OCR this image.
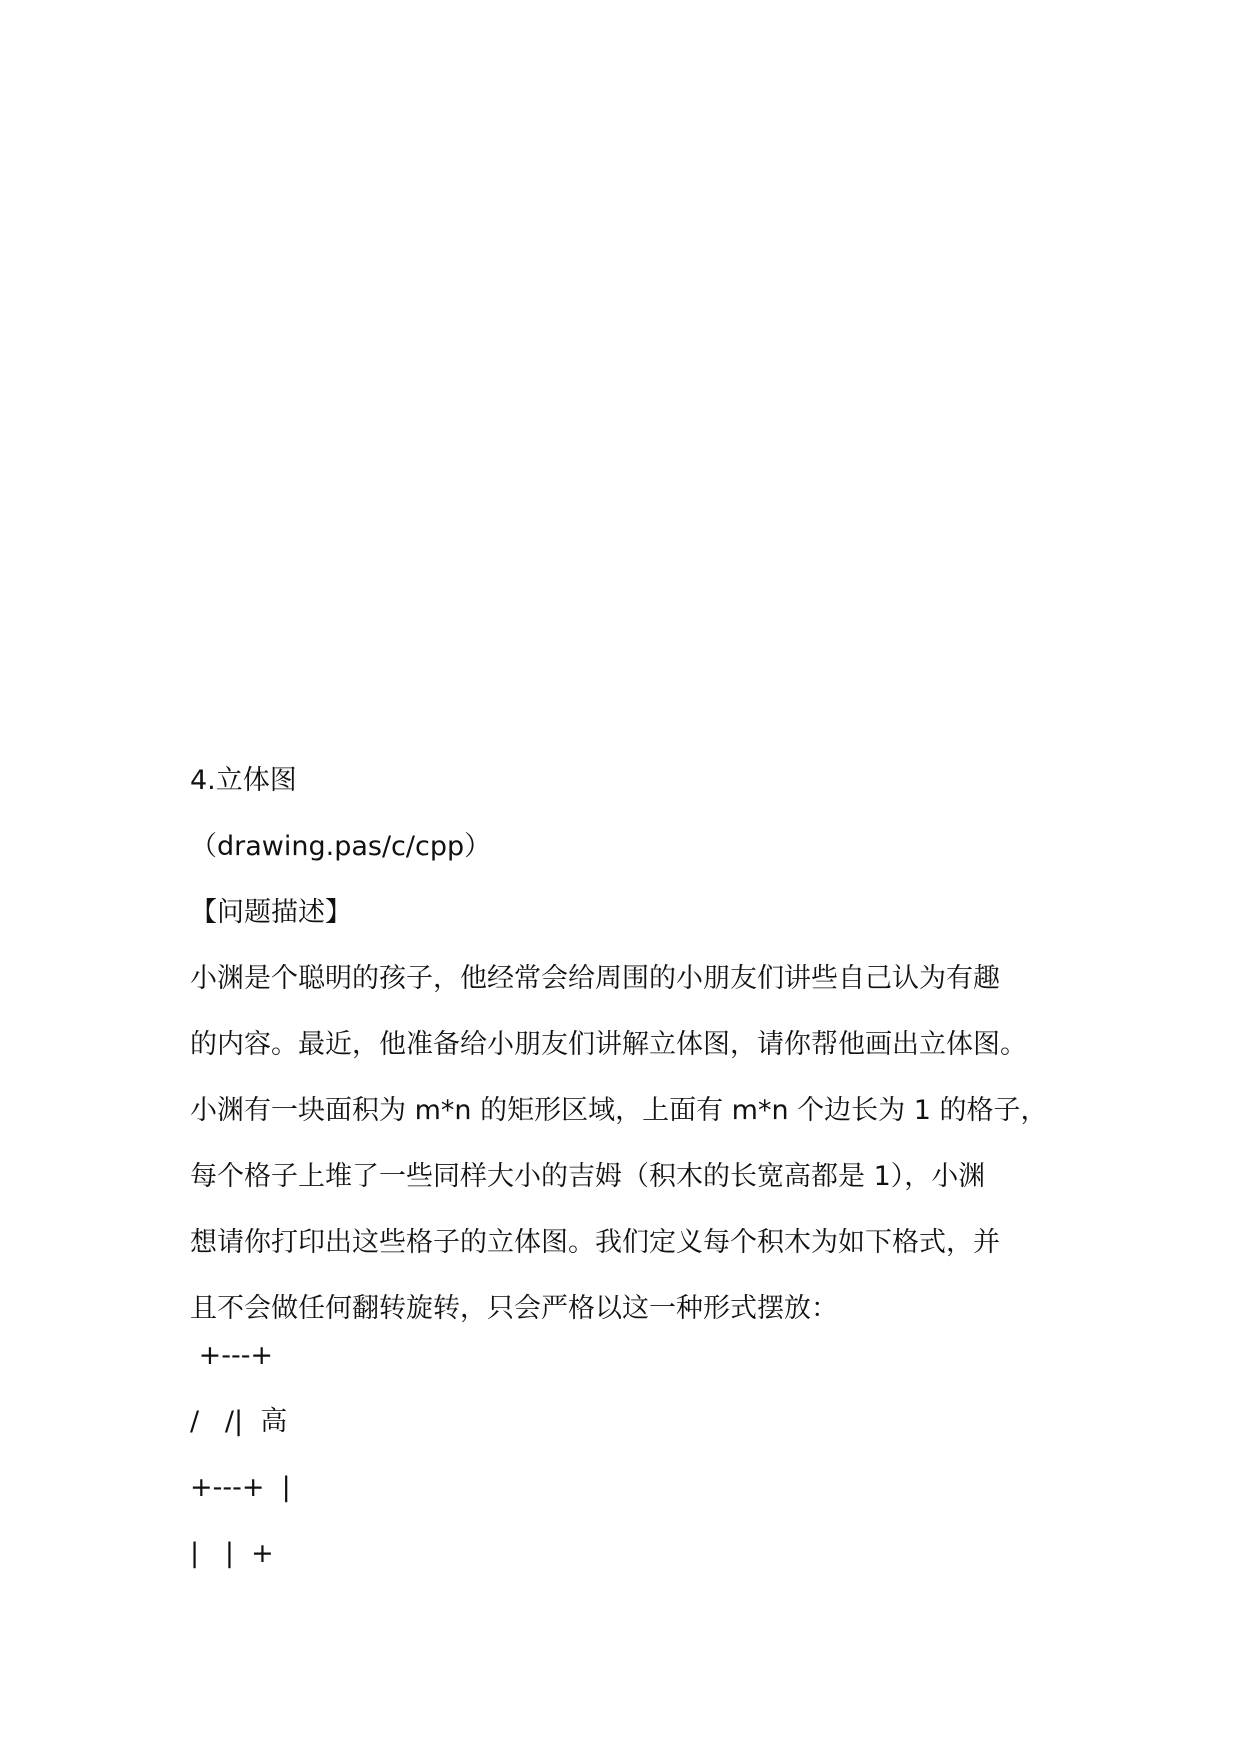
4.立体图
（drawing.pas/c/cpp）
【问题描述】
小渊是个聪明的孩子，他经常会给周围的小朋友们讲些自己认为有趣
的内容。最近，他准备给小朋友们讲解立体图，请你帮他画出立体图。
小渊有一块面积为 m*n 的矩形区域，上面有 m*n 个边长为 1 的格子，
每个格子上堆了一些同样大小的吉姆（积木的长宽高都是 1），小渊
想请你打印出这些格子的立体图。我们定义每个积木为如下格式，并
且不会做任何翻转旋转，只会严格以这一种形式摆放：
+---+
/   /|  高
+---+  |
|   |  +
